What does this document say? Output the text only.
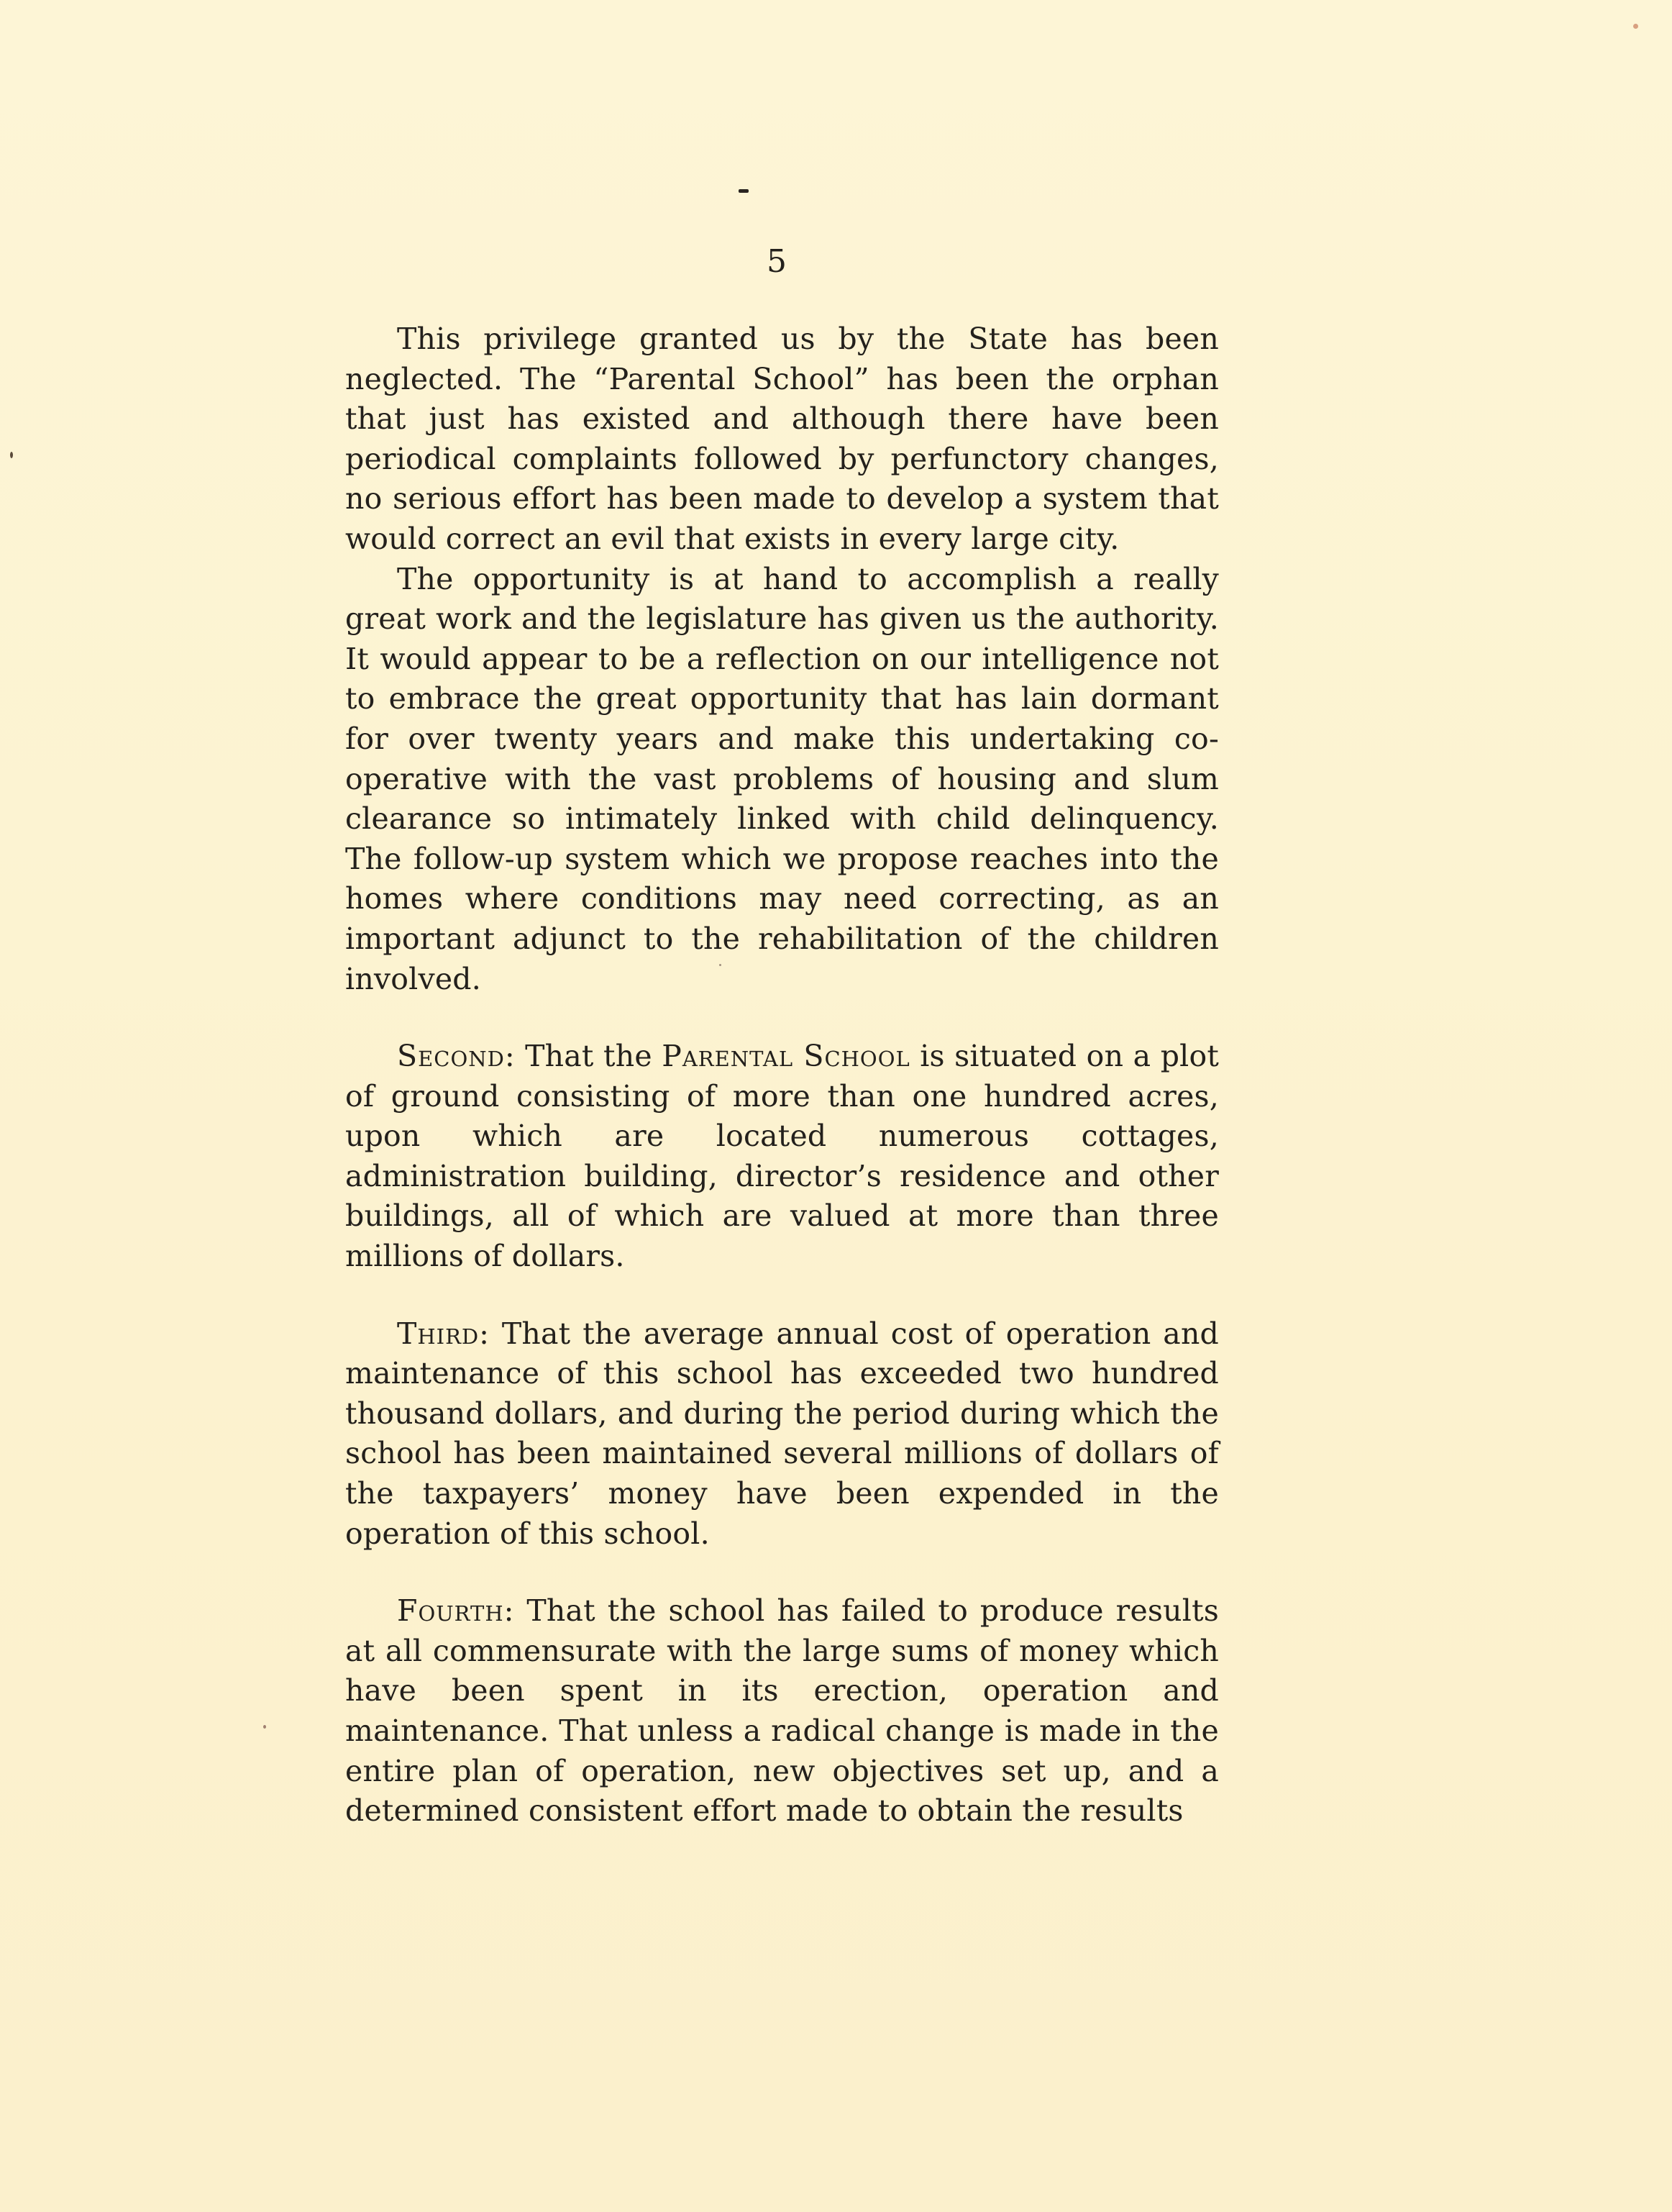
5

This privilege granted us by the State has been neglected. The “Parental School” has been the orphan that just has existed and although there have been periodical complaints followed by perfunctory changes, no serious effort has been made to develop a system that would correct an evil that exists in every large city.

The opportunity is at hand to accomplish a really great work and the legislature has given us the authority. It would appear to be a reflection on our intelligence not to embrace the great opportunity that has lain dormant for over twenty years and make this undertaking co-operative with the vast problems of housing and slum clearance so intimately linked with child delinquency. The follow-up system which we propose reaches into the homes where conditions may need correcting, as an important adjunct to the rehabilitation of the children involved.

Second: That the Parental School is situated on a plot of ground consisting of more than one hundred acres, upon which are located numerous cottages, administration building, director’s residence and other buildings, all of which are valued at more than three millions of dollars.

Third: That the average annual cost of operation and maintenance of this school has exceeded two hundred thousand dollars, and during the period during which the school has been maintained several millions of dollars of the taxpayers’ money have been expended in the operation of this school.

Fourth: That the school has failed to produce results at all commensurate with the large sums of money which have been spent in its erection, operation and maintenance. That unless a radical change is made in the entire plan of operation, new objectives set up, and a determined consistent effort made to obtain the results
